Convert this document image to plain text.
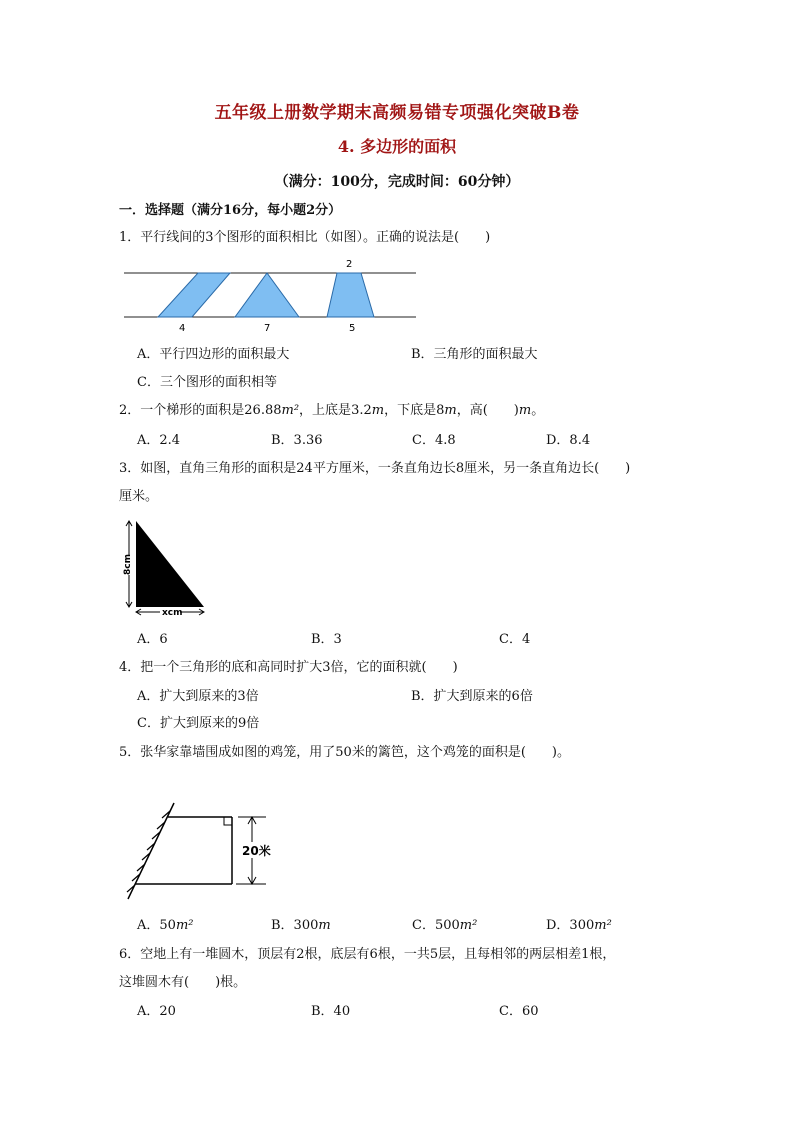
五年级上册数学期末高频易错专项强化突破B卷
4. 多边形的面积
（满分：100分，完成时间：60分钟）
一．选择题（满分16分，每小题2分）
1．平行线间的3个图形的面积相比（如图）。正确的说法是(　　)
4	7	5
2
A．平行四边形的面积最大	B．三角形的面积最大
C．三个图形的面积相等
2．一个梯形的面积是26.88m²，上底是3.2m，下底是8m，高(　　)m。
A．2.4	B．3.36	C．4.8	D．8.4
3．如图，直角三角形的面积是24平方厘米，一条直角边长8厘米，另一条直角边长(　　)
厘米。
8cm
xcm
A．6	B．3	C．4
4．把一个三角形的底和高同时扩大3倍，它的面积就(　　)
A．扩大到原来的3倍	B．扩大到原来的6倍
C．扩大到原来的9倍
5．张华家靠墙围成如图的鸡笼，用了50米的篱笆，这个鸡笼的面积是(　　)。
20米
A．50m²	B．300m	C．500m²	D．300m²
6．空地上有一堆圆木，顶层有2根，底层有6根，一共5层，且每相邻的两层相差1根，
这堆圆木有(　　)根。
A．20	B．40	C．60
